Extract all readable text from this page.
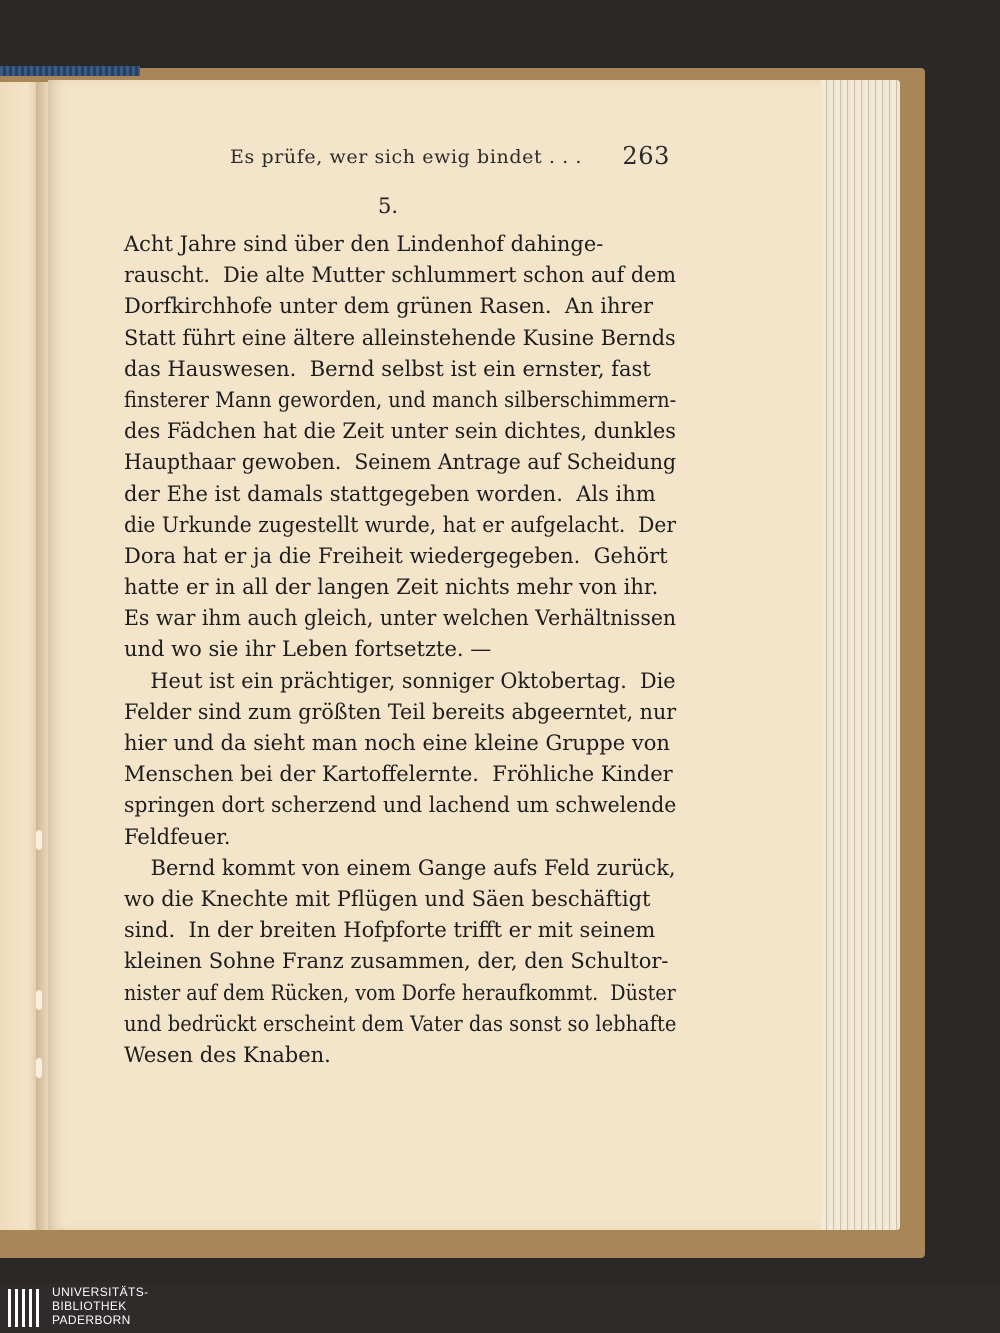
Es prüfe, wer sich ewig bindet . . . 263
5.
Acht Jahre sind über den Lindenhof dahinge-
rauscht.  Die alte Mutter schlummert schon auf dem
Dorfkirchhofe unter dem grünen Rasen.  An ihrer
Statt führt eine ältere alleinstehende Kusine Bernds
das Hauswesen.  Bernd selbst ist ein ernster, fast
finsterer Mann geworden, und manch silberschimmern-
des Fädchen hat die Zeit unter sein dichtes, dunkles
Haupthaar gewoben.  Seinem Antrage auf Scheidung
der Ehe ist damals stattgegeben worden.  Als ihm
die Urkunde zugestellt wurde, hat er aufgelacht.  Der
Dora hat er ja die Freiheit wiedergegeben.  Gehört
hatte er in all der langen Zeit nichts mehr von ihr.
Es war ihm auch gleich, unter welchen Verhältnissen
und wo sie ihr Leben fortsetzte. —
Heut ist ein prächtiger, sonniger Oktobertag.  Die
Felder sind zum größten Teil bereits abgeerntet, nur
hier und da sieht man noch eine kleine Gruppe von
Menschen bei der Kartoffelernte.  Fröhliche Kinder
springen dort scherzend und lachend um schwelende
Feldfeuer.
Bernd kommt von einem Gange aufs Feld zurück,
wo die Knechte mit Pflügen und Säen beschäftigt
sind.  In der breiten Hofpforte trifft er mit seinem
kleinen Sohne Franz zusammen, der, den Schultor-
nister auf dem Rücken, vom Dorfe heraufkommt.  Düster
und bedrückt erscheint dem Vater das sonst so lebhafte
Wesen des Knaben.
UNIVERSITÄTS-
BIBLIOTHEK
PADERBORN
